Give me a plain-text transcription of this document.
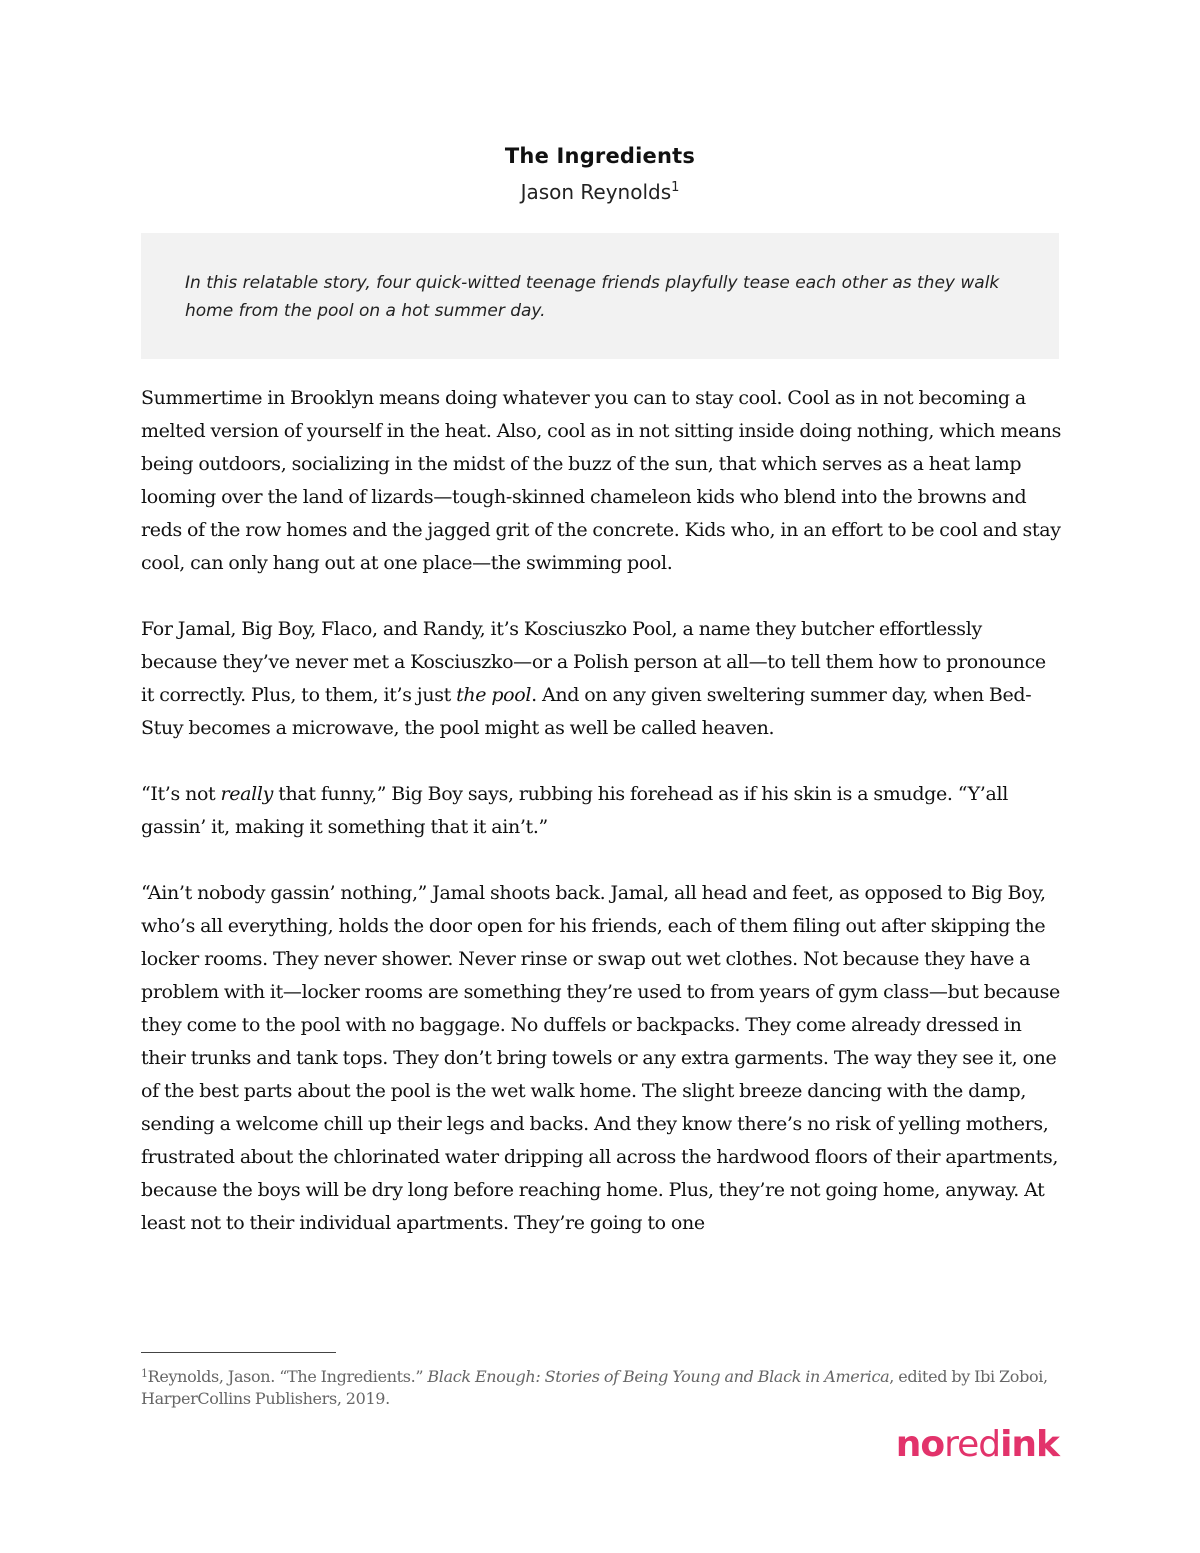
The Ingredients
Jason Reynolds$^1$

In this relatable story, four quick-witted teenage friends playfully tease each other as they walk home from the pool on a hot summer day.

Summertime in Brooklyn means doing whatever you can to stay cool. Cool as in not becoming a melted version of yourself in the heat. Also, cool as in not sitting inside doing nothing, which means being outdoors, socializing in the midst of the buzz of the sun, that which serves as a heat lamp looming over the land of lizards—tough-skinned chameleon kids who blend into the browns and reds of the row homes and the jagged grit of the concrete. Kids who, in an effort to be cool and stay cool, can only hang out at one place—the swimming pool.

For Jamal, Big Boy, Flaco, and Randy, it’s Kosciuszko Pool, a name they butcher effortlessly because they’ve never met a Kosciuszko—or a Polish person at all—to tell them how to pronounce it correctly. Plus, to them, it’s just the pool. And on any given sweltering summer day, when Bed-Stuy becomes a microwave, the pool might as well be called heaven.

“It’s not really that funny,” Big Boy says, rubbing his forehead as if his skin is a smudge. “Y’all gassin’ it, making it something that it ain’t.”

“Ain’t nobody gassin’ nothing,” Jamal shoots back. Jamal, all head and feet, as opposed to Big Boy, who’s all everything, holds the door open for his friends, each of them filing out after skipping the locker rooms. They never shower. Never rinse or swap out wet clothes. Not because they have a problem with it—locker rooms are something they’re used to from years of gym class—but because they come to the pool with no baggage. No duffels or backpacks. They come already dressed in their trunks and tank tops. They don’t bring towels or any extra garments. The way they see it, one of the best parts about the pool is the wet walk home. The slight breeze dancing with the damp, sending a welcome chill up their legs and backs. And they know there’s no risk of yelling mothers, frustrated about the chlorinated water dripping all across the hardwood floors of their apartments, because the boys will be dry long before reaching home. Plus, they’re not going home, anyway. At least not to their individual apartments. They’re going to one

$^1$Reynolds, Jason. “The Ingredients.” Black Enough: Stories of Being Young and Black in America, edited by Ibi Zoboi, HarperCollins Publishers, 2019.
noredink
